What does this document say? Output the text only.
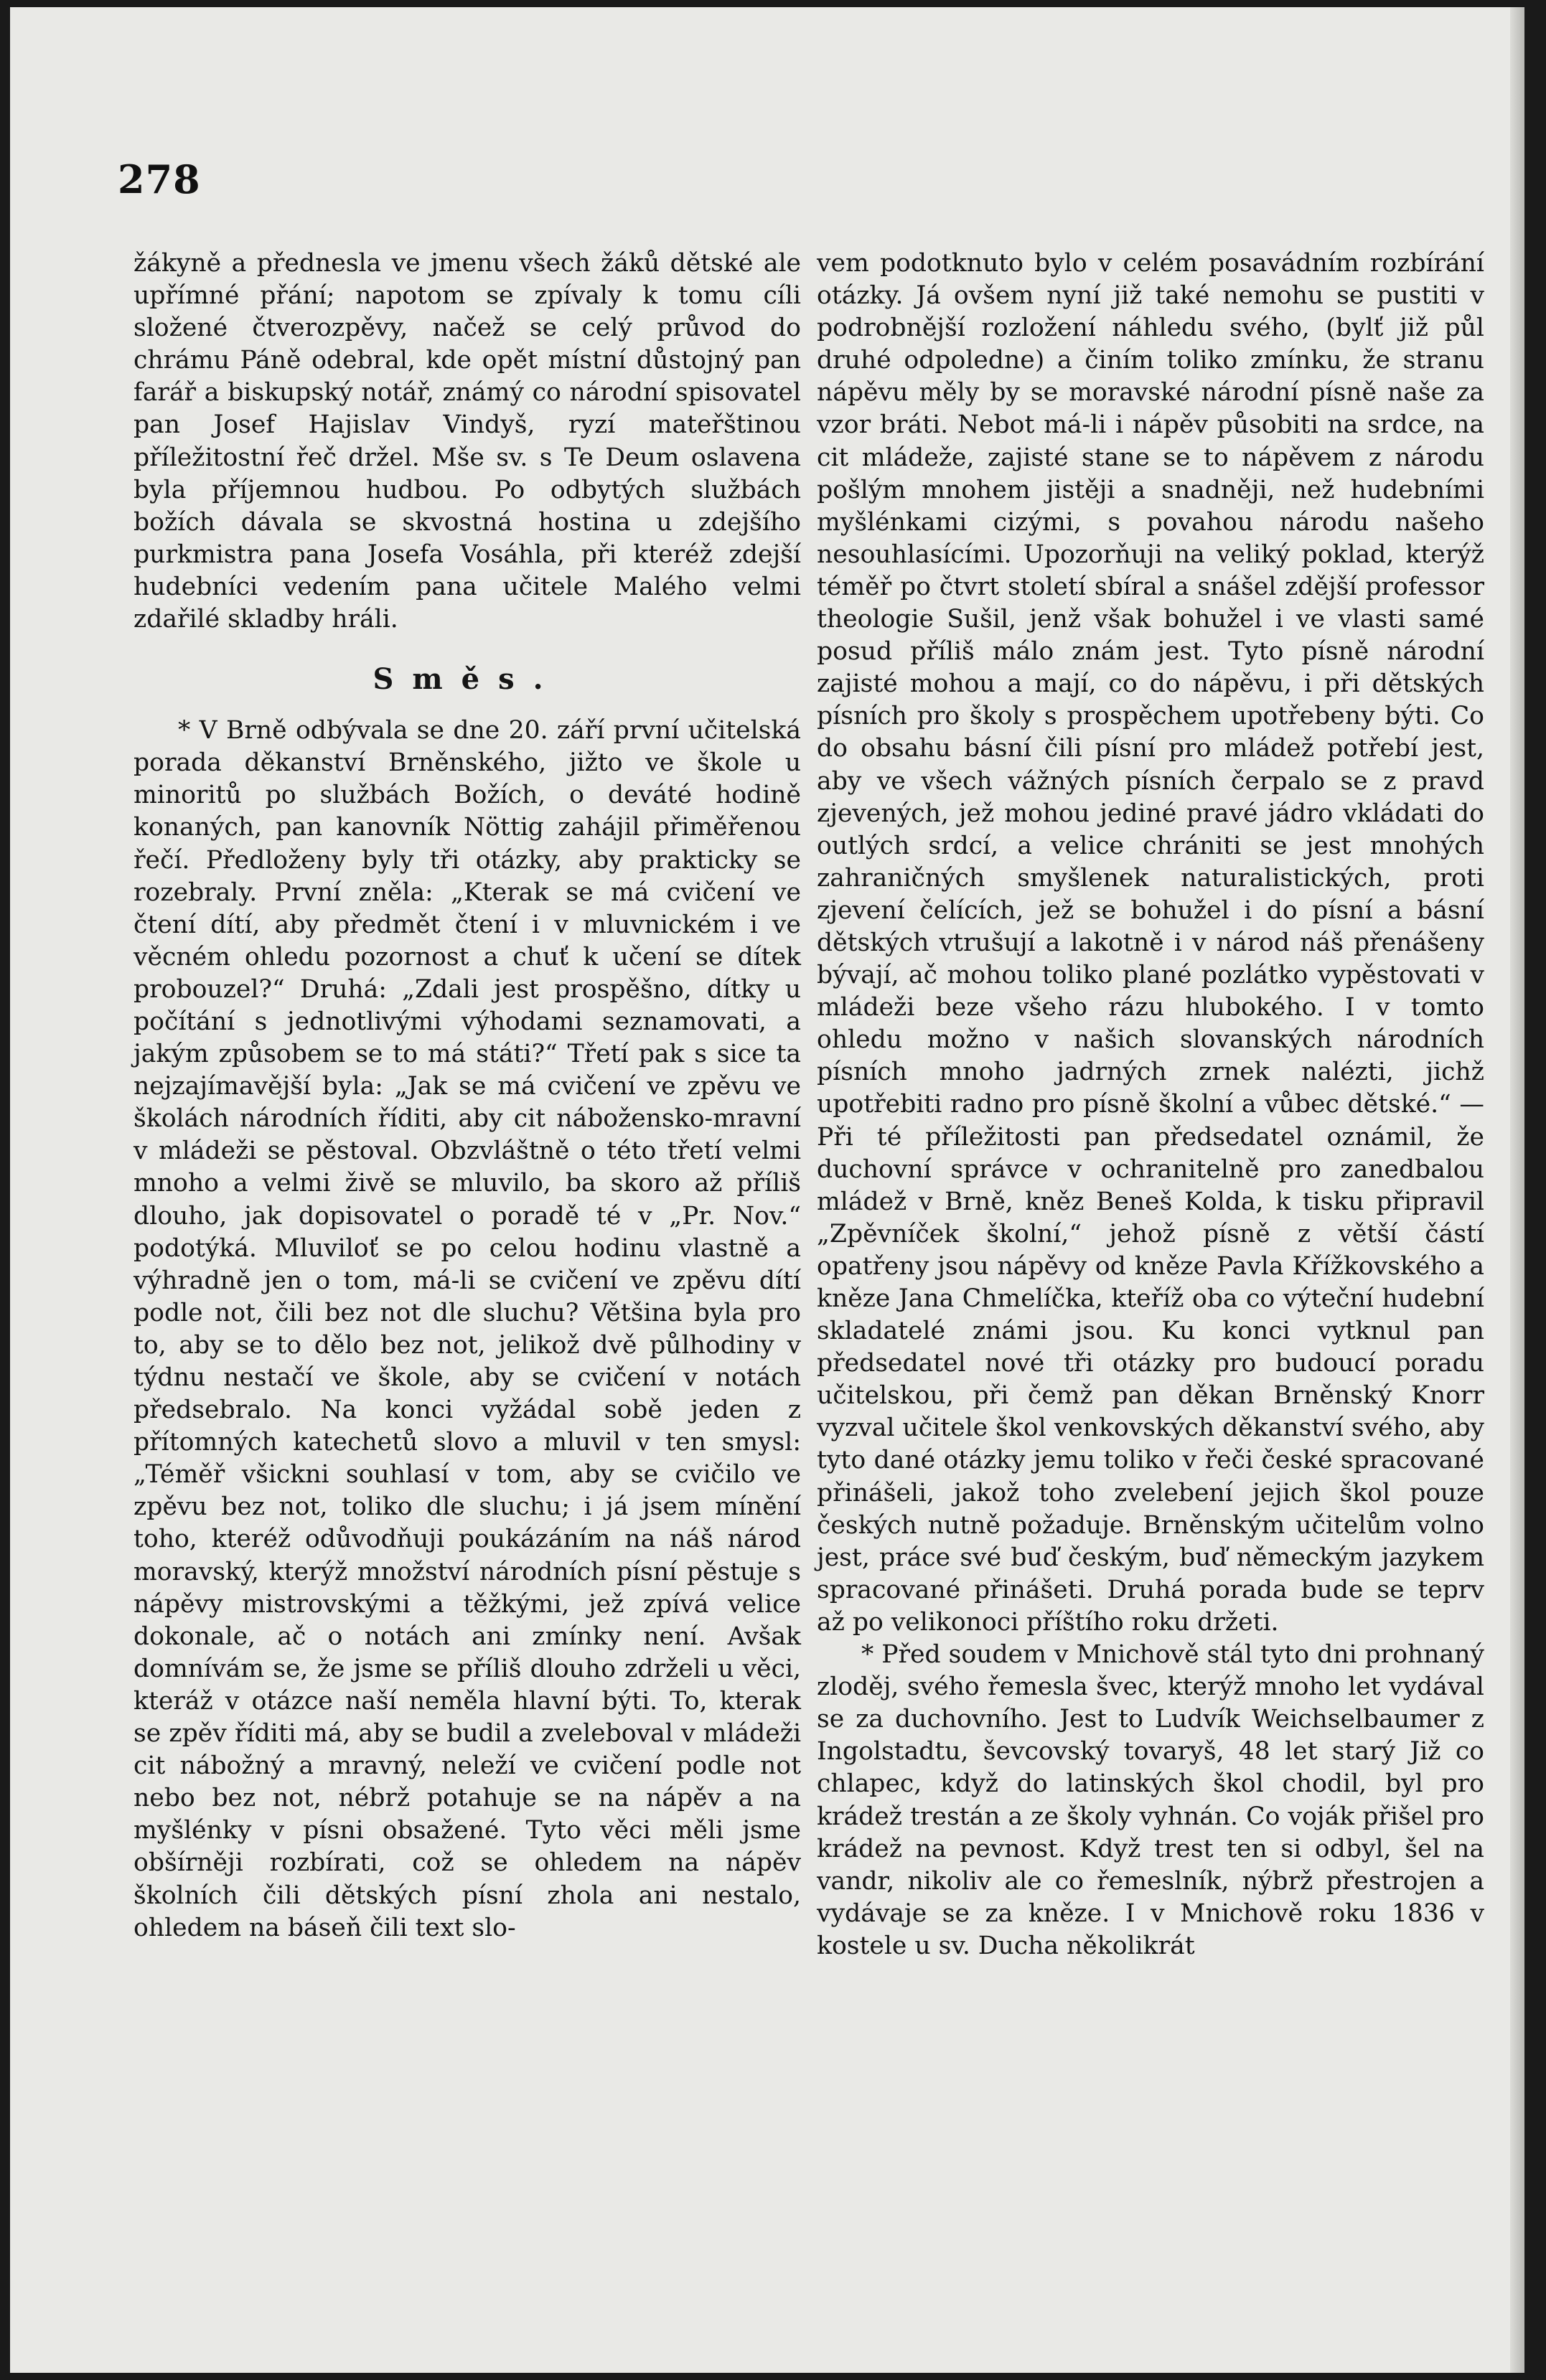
278

žákyně a přednesla ve jmenu všech žáků dětské ale upřímné přání; napotom se zpívaly k tomu cíli složené čtverozpěvy, načež se celý průvod do chrámu Páně odebral, kde opět místní důstojný pan farář a biskupský notář, známý co národní spisovatel pan Josef Hajislav Vindyš, ryzí mateřštinou příležitostní řeč držel. Mše sv. s Te Deum oslavena byla příjemnou hudbou. Po odbytých službách božích dávala se skvostná hostina u zdejšího purkmistra pana Josefa Vosáhla, při kteréž zdejší hudebníci vedením pana učitele Malého velmi zdařilé skladby hráli.

Směs.

* V Brně odbývala se dne 20. září první učitelská porada děkanství Brněnského, jižto ve škole u minoritů po službách Božích, o deváté hodině konaných, pan kanovník Nöttig zahájil přiměřenou řečí. Předloženy byly tři otázky, aby prakticky se rozebraly. První zněla: „Kterak se má cvičení ve čtení dítí, aby předmět čtení i v mluvnickém i ve věcném ohledu pozornost a chuť k učení se dítek probouzel?“ Druhá: „Zdali jest prospěšno, dítky u počítání s jednotlivými výhodami seznamovati, a jakým způsobem se to má státi?“ Třetí pak s sice ta nejzajímavější byla: „Jak se má cvičení ve zpěvu ve školách národních říditi, aby cit nábožensko-mravní v mládeži se pěstoval. Obzvláštně o této třetí velmi mnoho a velmi živě se mluvilo, ba skoro až příliš dlouho, jak dopisovatel o poradě té v „Pr. Nov.“ podotýká. Mluviloť se po celou hodinu vlastně a výhradně jen o tom, má-li se cvičení ve zpěvu dítí podle not, čili bez not dle sluchu? Většina byla pro to, aby se to dělo bez not, jelikož dvě půlhodiny v týdnu nestačí ve škole, aby se cvičení v notách předsebralo. Na konci vyžádal sobě jeden z přítomných katechetů slovo a mluvil v ten smysl: „Téměř všickni souhlasí v tom, aby se cvičilo ve zpěvu bez not, toliko dle sluchu; i já jsem mínění toho, kteréž odůvodňuji poukázáním na náš národ moravský, kterýž množství národních písní pěstuje s nápěvy mistrovskými a těžkými, jež zpívá velice dokonale, ač o notách ani zmínky není. Avšak domnívám se, že jsme se příliš dlouho zdrželi u věci, kteráž v otázce naší neměla hlavní býti. To, kterak se zpěv říditi má, aby se budil a zveleboval v mládeži cit nábožný a mravný, neleží ve cvičení podle not nebo bez not, nébrž potahuje se na nápěv a na myšlénky v písni obsažené. Tyto věci měli jsme obšírněji rozbírati, což se ohledem na nápěv školních čili dětských písní zhola ani nestalo, ohledem na báseň čili text slo-

vem podotknuto bylo v celém posavádním rozbírání otázky. Já ovšem nyní již také nemohu se pustiti v podrobnější rozložení náhledu svého, (bylť již půl druhé odpoledne) a činím toliko zmínku, že stranu nápěvu měly by se moravské národní písně naše za vzor bráti. Nebot má-li i nápěv působiti na srdce, na cit mládeže, zajisté stane se to nápěvem z národu pošlým mnohem jistěji a snadněji, než hudebními myšlénkami cizými, s povahou národu našeho nesouhlasícími. Upozorňuji na veliký poklad, kterýž téměř po čtvrt století sbíral a snášel zdější professor theologie Sušil, jenž však bohužel i ve vlasti samé posud příliš málo znám jest. Tyto písně národní zajisté mohou a mají, co do nápěvu, i při dětských písních pro školy s prospěchem upotřebeny býti. Co do obsahu básní čili písní pro mládež potřebí jest, aby ve všech vážných písních čerpalo se z pravd zjevených, jež mohou jediné pravé jádro vkládati do outlých srdcí, a velice chrániti se jest mnohých zahraničných smyšlenek naturalistických, proti zjevení čelících, jež se bohužel i do písní a básní dětských vtrušují a lakotně i v národ náš přenášeny bývají, ač mohou toliko plané pozlátko vypěstovati v mládeži beze všeho rázu hlubokého. I v tomto ohledu možno v našich slovanských národních písních mnoho jadrných zrnek nalézti, jichž upotřebiti radno pro písně školní a vůbec dětské.“ — Při té příležitosti pan předsedatel oznámil, že duchovní správce v ochranitelně pro zanedbalou mládež v Brně, kněz Beneš Kolda, k tisku připravil „Zpěvníček školní,“ jehož písně z větší částí opatřeny jsou nápěvy od kněze Pavla Křížkovského a kněze Jana Chmelíčka, kteříž oba co výteční hudební skladatelé známi jsou. Ku konci vytknul pan předsedatel nové tři otázky pro budoucí poradu učitelskou, při čemž pan děkan Brněnský Knorr vyzval učitele škol venkovských děkanství svého, aby tyto dané otázky jemu toliko v řeči české spracované přinášeli, jakož toho zvelebení jejich škol pouze českých nutně požaduje. Brněnským učitelům volno jest, práce své buď českým, buď německým jazykem spracované přinášeti. Druhá porada bude se teprv až po velikonoci příštího roku držeti.

* Před soudem v Mnichově stál tyto dni prohnaný zloděj, svého řemesla švec, kterýž mnoho let vydával se za duchovního. Jest to Ludvík Weichselbaumer z Ingolstadtu, ševcovský tovaryš, 48 let starý Již co chlapec, když do latinských škol chodil, byl pro krádež trestán a ze školy vyhnán. Co voják přišel pro krádež na pevnost. Když trest ten si odbyl, šel na vandr, nikoliv ale co řemeslník, nýbrž přestrojen a vydávaje se za kněze. I v Mnichově roku 1836 v kostele u sv. Ducha několikrát
